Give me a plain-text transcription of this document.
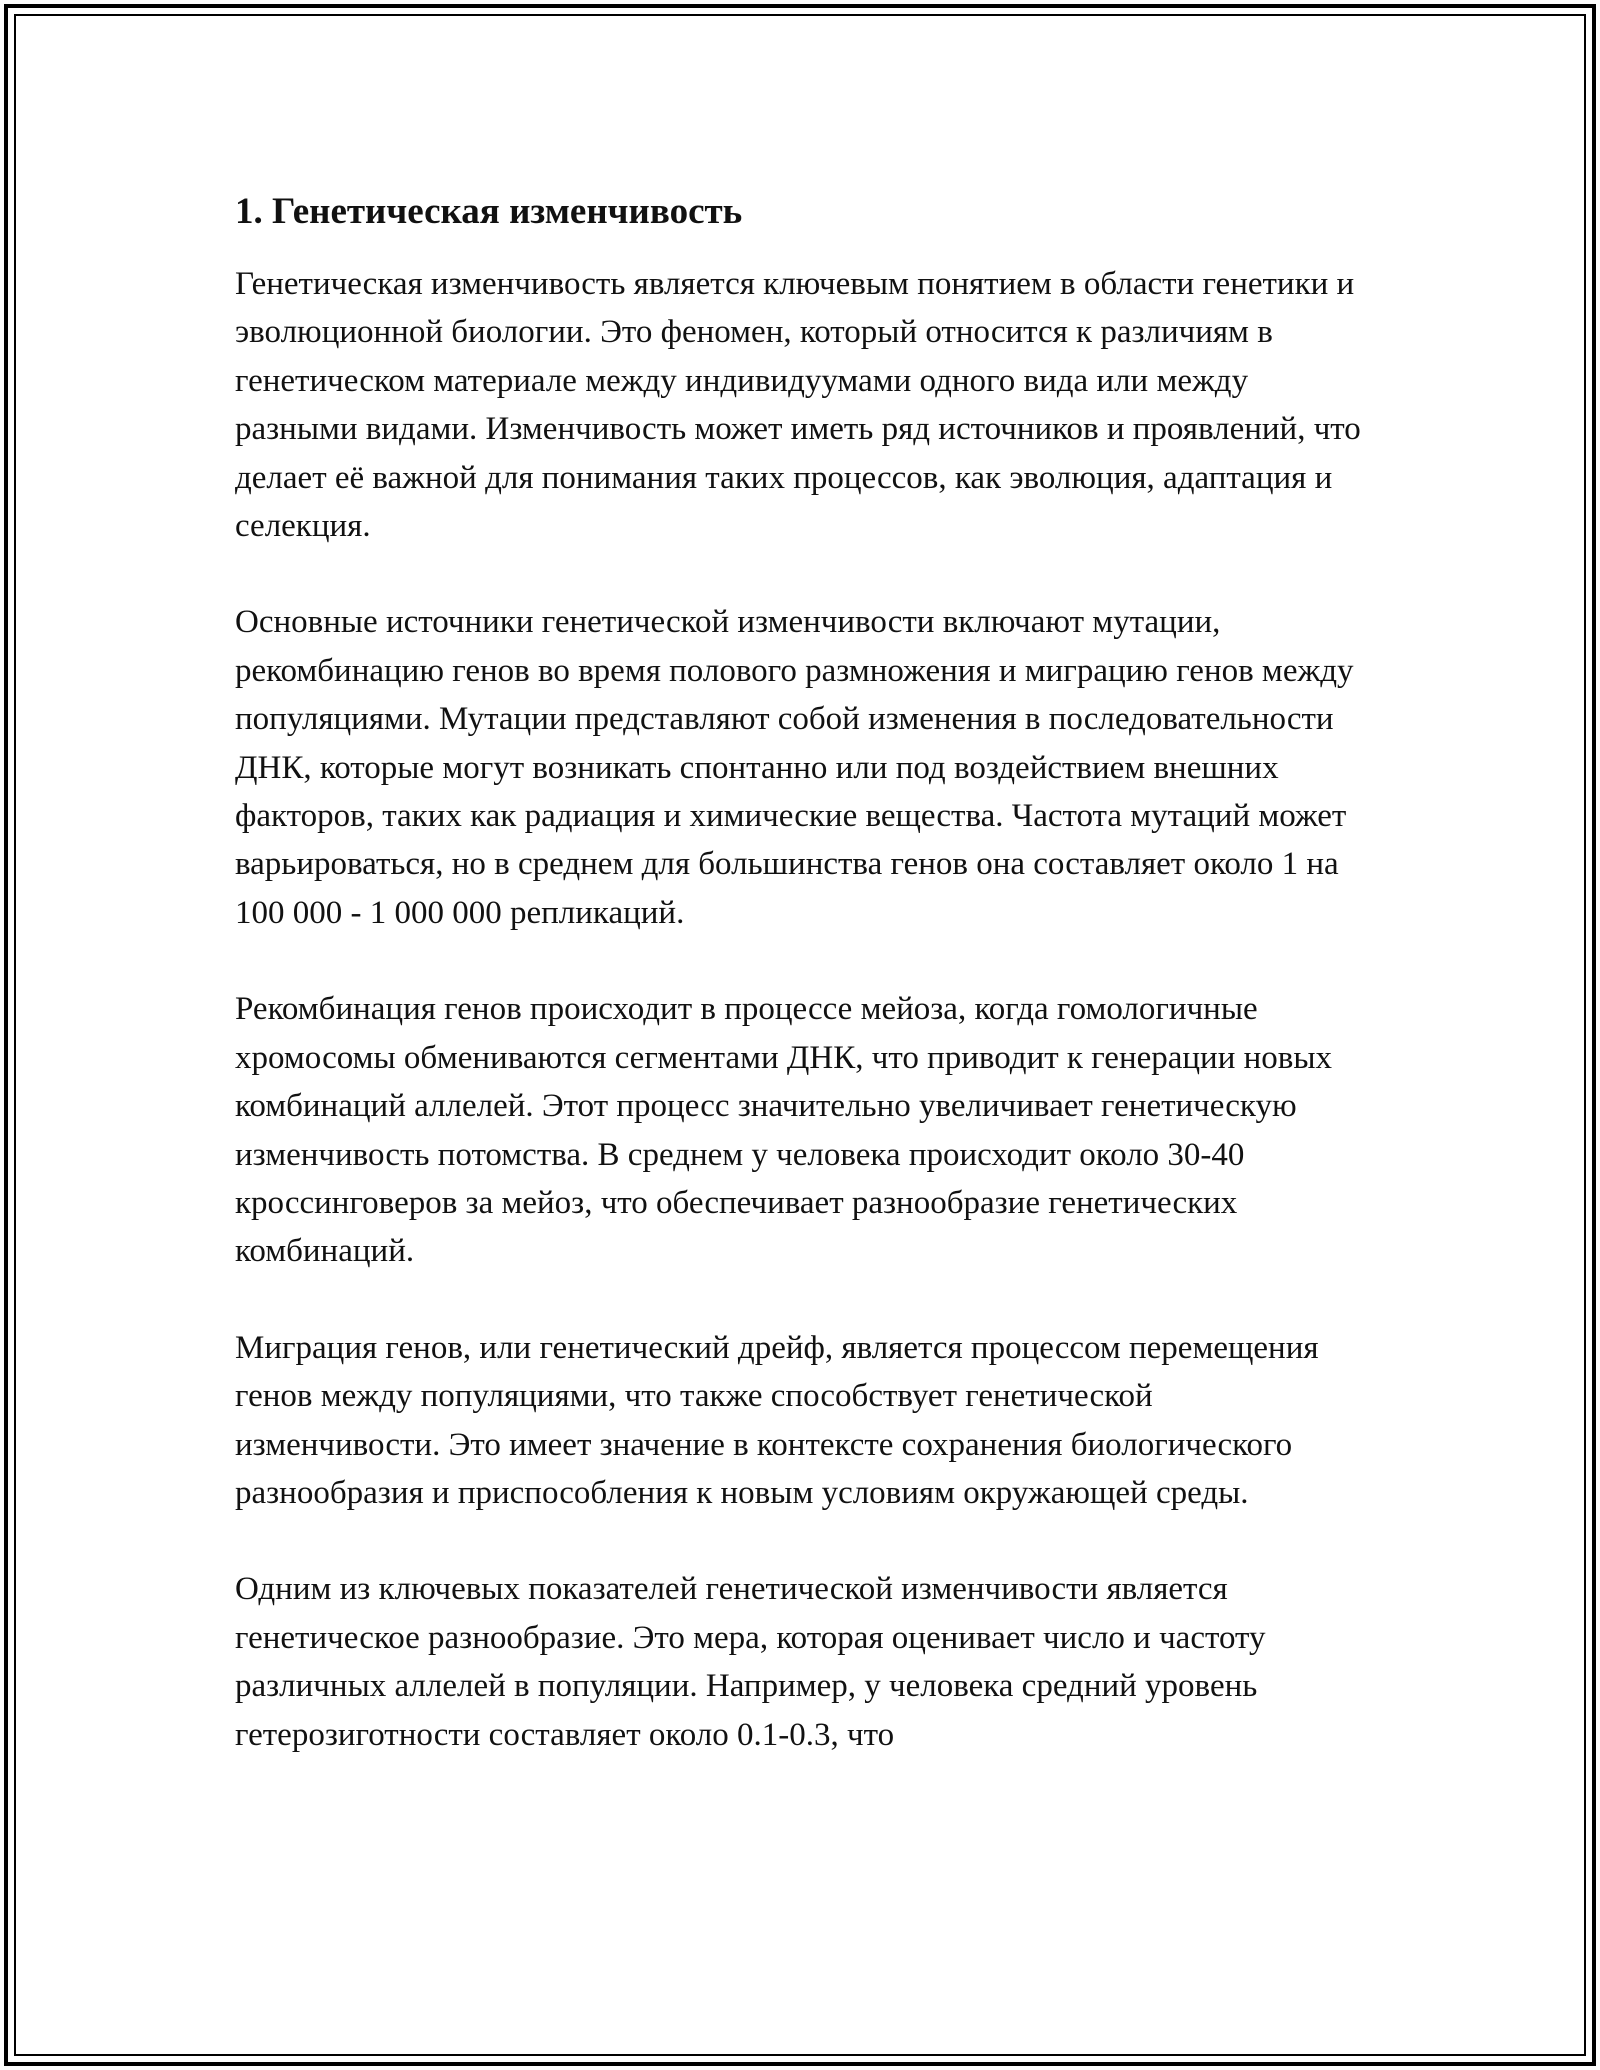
1. Генетическая изменчивость

Генетическая изменчивость является ключевым понятием в области генетики и эволюционной биологии. Это феномен, который относится к различиям в генетическом материале между индивидуумами одного вида или между разными видами. Изменчивость может иметь ряд источников и проявлений, что делает её важной для понимания таких процессов, как эволюция, адаптация и селекция.

Основные источники генетической изменчивости включают мутации, рекомбинацию генов во время полового размножения и миграцию генов между популяциями. Мутации представляют собой изменения в последовательности ДНК, которые могут возникать спонтанно или под воздействием внешних факторов, таких как радиация и химические вещества. Частота мутаций может варьироваться, но в среднем для большинства генов она составляет около 1 на 100 000 - 1 000 000 репликаций.

Рекомбинация генов происходит в процессе мейоза, когда гомологичные хромосомы обмениваются сегментами ДНК, что приводит к генерации новых комбинаций аллелей. Этот процесс значительно увеличивает генетическую изменчивость потомства. В среднем у человека происходит около 30-40 кроссинговеров за мейоз, что обеспечивает разнообразие генетических комбинаций.

Миграция генов, или генетический дрейф, является процессом перемещения генов между популяциями, что также способствует генетической изменчивости. Это имеет значение в контексте сохранения биологического разнообразия и приспособления к новым условиям окружающей среды.

Одним из ключевых показателей генетической изменчивости является генетическое разнообразие. Это мера, которая оценивает число и частоту различных аллелей в популяции. Например, у человека средний уровень гетерозиготности составляет около 0.1-0.3, что
